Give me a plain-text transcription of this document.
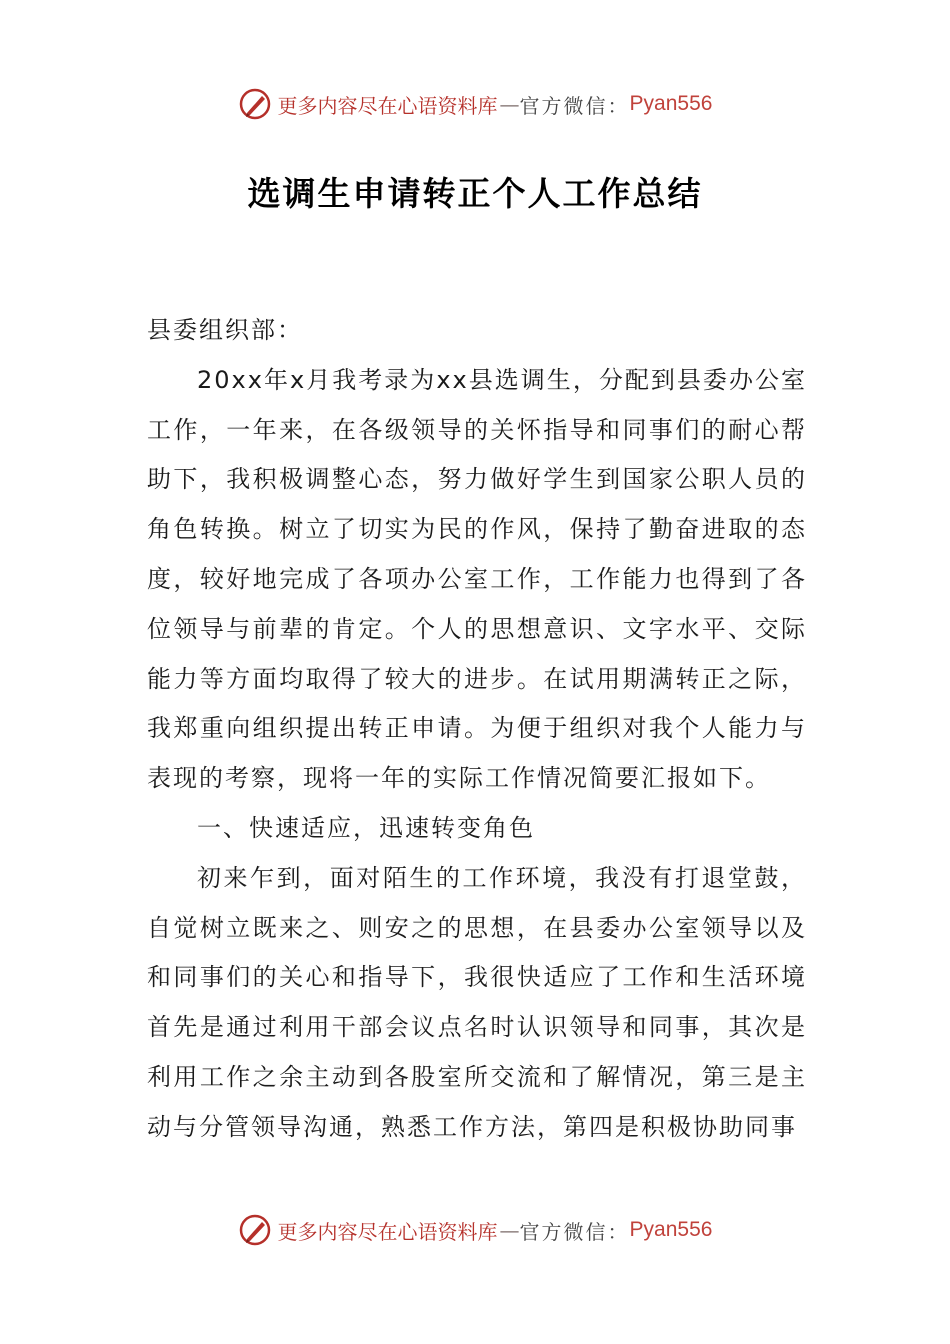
更多内容尽在心语资料库 — 官方微信： Pyan556
选调生申请转正个人工作总结

县委组织部：

20xx年x月我考录为xx县选调生，分配到县委办公室工作，一年来，在各级领导的关怀指导和同事们的耐心帮助下，我积极调整心态，努力做好学生到国家公职人员的角色转换。树立了切实为民的作风，保持了勤奋进取的态度，较好地完成了各项办公室工作，工作能力也得到了各位领导与前辈的肯定。个人的思想意识、文字水平、交际能力等方面均取得了较大的进步。在试用期满转正之际，我郑重向组织提出转正申请。为便于组织对我个人能力与表现的考察，现将一年的实际工作情况简要汇报如下。

一、快速适应，迅速转变角色

初来乍到，面对陌生的工作环境，我没有打退堂鼓，自觉树立既来之、则安之的思想，在县委办公室领导以及和同事们的关心和指导下，我很快适应了工作和生活环境首先是通过利用干部会议点名时认识领导和同事，其次是利用工作之余主动到各股室所交流和了解情况，第三是主动与分管领导沟通，熟悉工作方法，第四是积极协助同事

更多内容尽在心语资料库 — 官方微信： Pyan556
